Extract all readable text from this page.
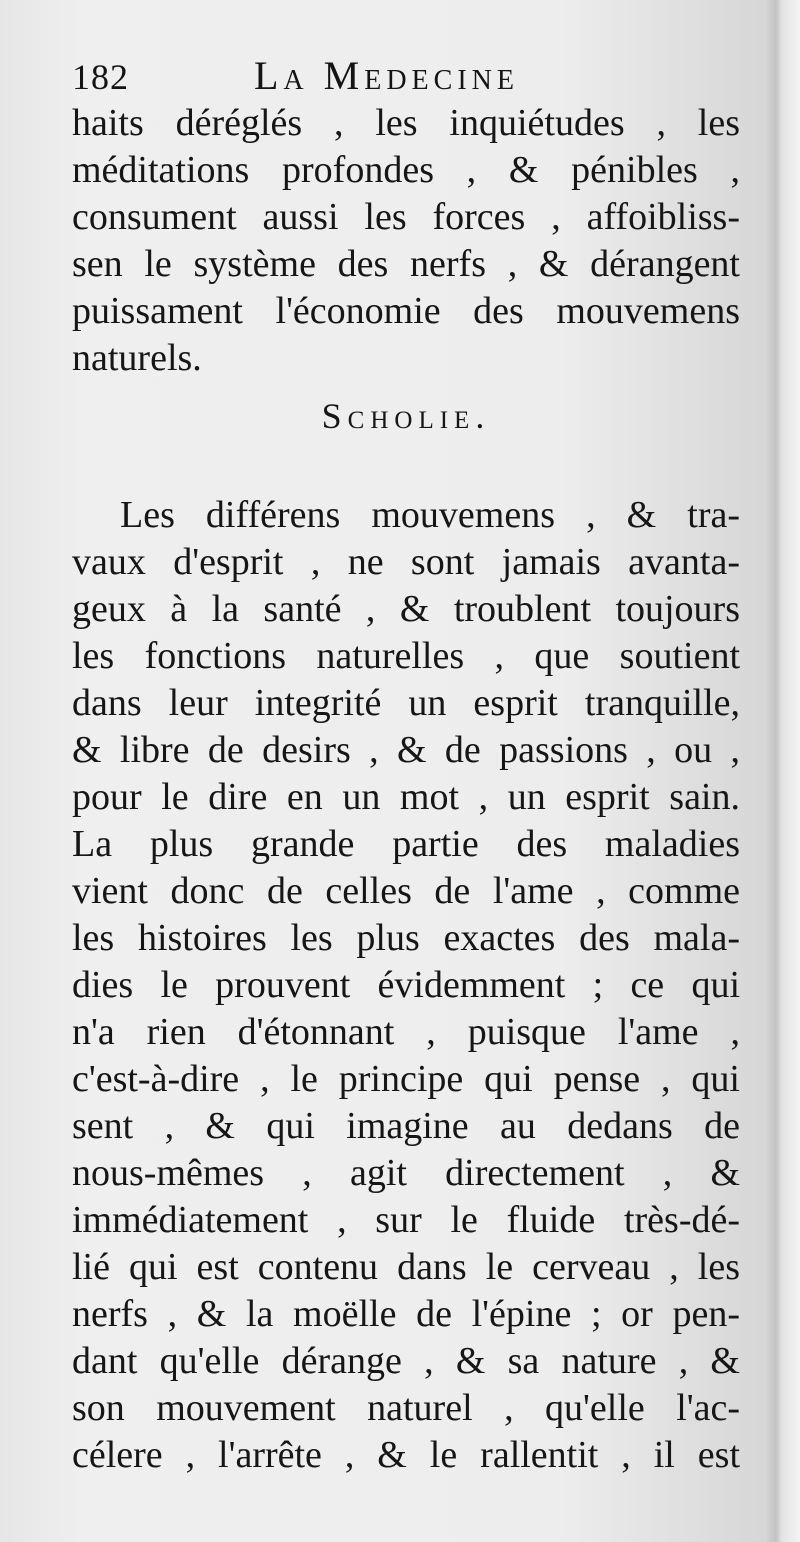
182	La Medecine
haits déréglés , les inquiétudes , les
méditations profondes , & pénibles ,
consument aussi les forces , affoibliss-
sen le système des nerfs , & dérangent
puissament l'économie des mouvemens
naturels.
Scholie.
Les différens mouvemens , & tra-
vaux d'esprit , ne sont jamais avanta-
geux à la santé , & troublent toujours
les fonctions naturelles , que soutient
dans leur integrité un esprit tranquille,
& libre de desirs , & de passions , ou ,
pour le dire en un mot , un esprit sain.
La plus grande partie des maladies
vient donc de celles de l'ame , comme
les histoires les plus exactes des mala-
dies le prouvent évidemment ; ce qui
n'a rien d'étonnant , puisque l'ame ,
c'est-à-dire , le principe qui pense , qui
sent , & qui imagine au dedans de
nous-mêmes , agit directement , &
immédiatement , sur le fluide très-dé-
lié qui est contenu dans le cerveau , les
nerfs , & la moëlle de l'épine ; or pen-
dant qu'elle dérange , & sa nature , &
son mouvement naturel , qu'elle l'ac-
célere , l'arrête , & le rallentit , il est
